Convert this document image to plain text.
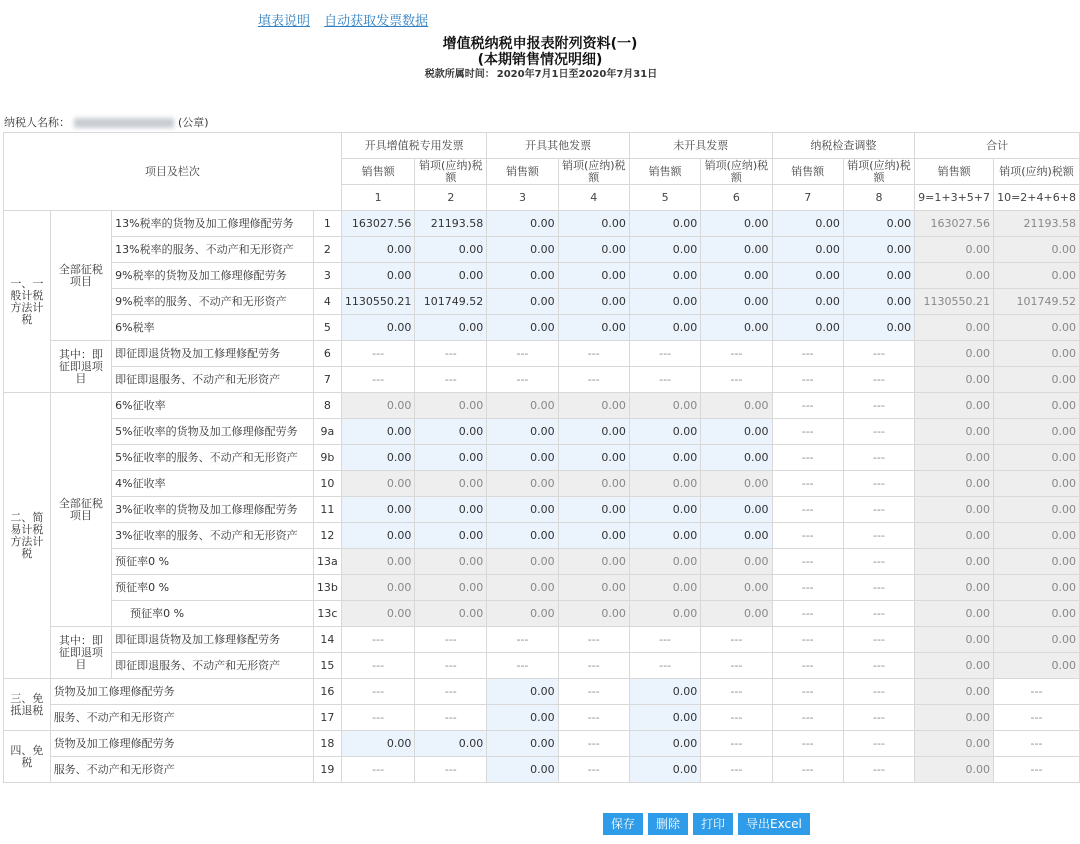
填表说明 自动获取发票数据
增值税纳税申报表附列资料(一)
(本期销售情况明细)
税款所属时间： 2020年7月1日至2020年7月31日
纳税人名称：	(公章)
项目及栏次				开具增值税专用发票		开具其他发票		未开具发票		纳税检查调整		合计	
				销售额	销项(应纳)税额	销售额	销项(应纳)税额	销售额	销项(应纳)税额	销售额	销项(应纳)税额	销售额	销项(应纳)税额
				1	2	3	4	5	6	7	8	9=1+3+5+7	10=2+4+6+8
一、一般计税方法计税	全部征税项目	13%税率的货物及加工修理修配劳务	1	163027.56	21193.58	0.00	0.00	0.00	0.00	0.00	0.00	163027.56	21193.58
		13%税率的服务、不动产和无形资产	2	0.00	0.00	0.00	0.00	0.00	0.00	0.00	0.00	0.00	0.00
		9%税率的货物及加工修理修配劳务	3	0.00	0.00	0.00	0.00	0.00	0.00	0.00	0.00	0.00	0.00
		9%税率的服务、不动产和无形资产	4	1130550.21	101749.52	0.00	0.00	0.00	0.00	0.00	0.00	1130550.21	101749.52
		6%税率	5	0.00	0.00	0.00	0.00	0.00	0.00	0.00	0.00	0.00	0.00
	其中：即征即退项目	即征即退货物及加工修理修配劳务	6	---	---	---	---	---	---	---	---	0.00	0.00
		即征即退服务、不动产和无形资产	7	---	---	---	---	---	---	---	---	0.00	0.00
二、简易计税方法计税	全部征税项目	6%征收率	8	0.00	0.00	0.00	0.00	0.00	0.00	---	---	0.00	0.00
		5%征收率的货物及加工修理修配劳务	9a	0.00	0.00	0.00	0.00	0.00	0.00	---	---	0.00	0.00
		5%征收率的服务、不动产和无形资产	9b	0.00	0.00	0.00	0.00	0.00	0.00	---	---	0.00	0.00
		4%征收率	10	0.00	0.00	0.00	0.00	0.00	0.00	---	---	0.00	0.00
		3%征收率的货物及加工修理修配劳务	11	0.00	0.00	0.00	0.00	0.00	0.00	---	---	0.00	0.00
		3%征收率的服务、不动产和无形资产	12	0.00	0.00	0.00	0.00	0.00	0.00	---	---	0.00	0.00
		预征率0 %	13a	0.00	0.00	0.00	0.00	0.00	0.00	---	---	0.00	0.00
		预征率0 %	13b	0.00	0.00	0.00	0.00	0.00	0.00	---	---	0.00	0.00
		预征率0 %	13c	0.00	0.00	0.00	0.00	0.00	0.00	---	---	0.00	0.00
	其中：即征即退项目	即征即退货物及加工修理修配劳务	14	---	---	---	---	---	---	---	---	0.00	0.00
		即征即退服务、不动产和无形资产	15	---	---	---	---	---	---	---	---	0.00	0.00
三、免抵退税	货物及加工修理修配劳务		16	---	---	0.00	---	0.00	---	---	---	0.00	---
	服务、不动产和无形资产		17	---	---	0.00	---	0.00	---	---	---	0.00	---
四、免税	货物及加工修理修配劳务		18	0.00	0.00	0.00	---	0.00	---	---	---	0.00	---
	服务、不动产和无形资产		19	---	---	0.00	---	0.00	---	---	---	0.00	---
保存 删除 打印 导出Excel
